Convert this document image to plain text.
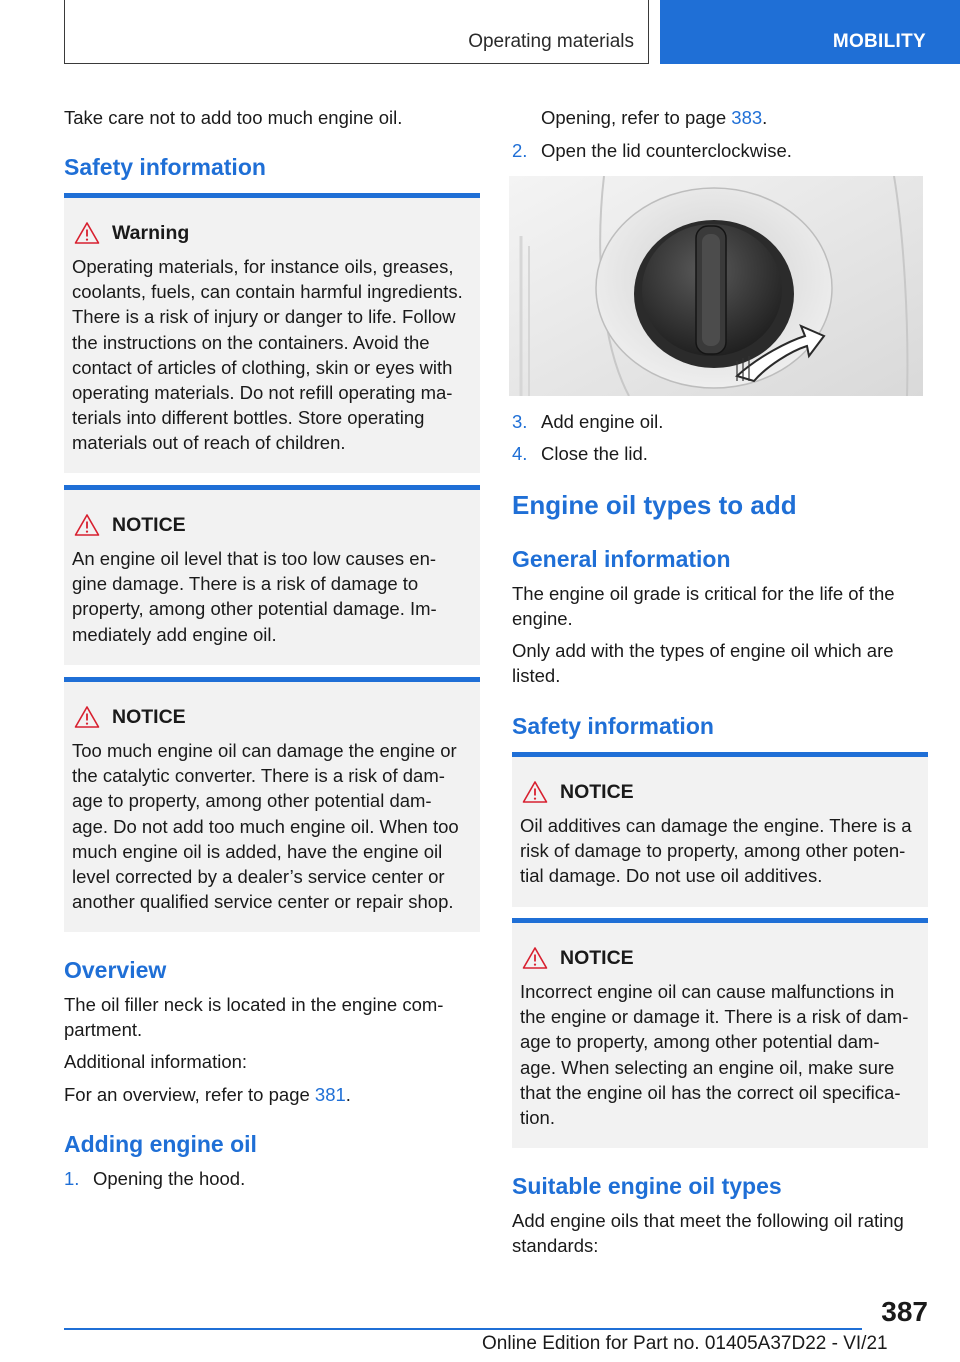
Operating materials	MOBILITY

Take care not to add too much engine oil.

Safety information
Warning
Operating materials, for instance oils, greases,
coolants, fuels, can contain harmful ingredients.
There is a risk of injury or danger to life. Follow
the instructions on the containers. Avoid the
contact of articles of clothing, skin or eyes with
operating materials. Do not refill operating ma‐
terials into different bottles. Store operating
materials out of reach of children.
NOTICE
An engine oil level that is too low causes en‐
gine damage. There is a risk of damage to
property, among other potential damage. Im‐
mediately add engine oil.
NOTICE
Too much engine oil can damage the engine or
the catalytic converter. There is a risk of dam‐
age to property, among other potential dam‐
age. Do not add too much engine oil. When too
much engine oil is added, have the engine oil
level corrected by a dealer’s service center or
another qualified service center or repair shop.
Overview
The oil filler neck is located in the engine com‐
partment.

Additional information:

For an overview, refer to page 381.

Adding engine oil
1. Opening the hood.

Opening, refer to page 383.

2. Open the lid counterclockwise.
3. Add engine oil.
4. Close the lid.
Engine oil types to add
General information
The engine oil grade is critical for the life of the
engine.
Only add with the types of engine oil which are
listed.
Safety information
NOTICE
Oil additives can damage the engine. There is a
risk of damage to property, among other poten‐
tial damage. Do not use oil additives.
NOTICE
Incorrect engine oil can cause malfunctions in
the engine or damage it. There is a risk of dam‐
age to property, among other potential dam‐
age. When selecting an engine oil, make sure
that the engine oil has the correct oil specifica‐
tion.
Suitable engine oil types
Add engine oils that meet the following oil rating
standards:
387
Online Edition for Part no. 01405A37D22 - VI/21
